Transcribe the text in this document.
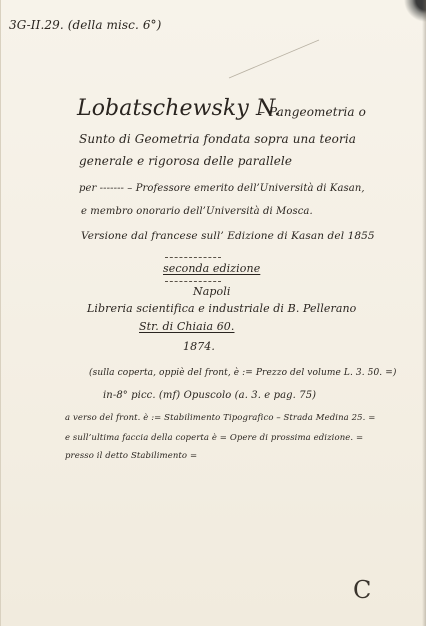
3G-II.29. (della misc. 6°)
Lobatschewsky N.
– Pangeometria o
Sunto di Geometria fondata sopra una teoria
generale e rigorosa delle parallele
per ------- – Professore emerito dell’Università di Kasan,
e membro onorario dell’Università di Mosca.
Versione dal francese sull’ Edizione di Kasan del 1855
seconda edizione
Napoli
Libreria scientifica e industriale di B. Pellerano
Str. di Chiaia 60.
1874.
(sulla coperta, oppiè del front, è := Prezzo del volume L. 3. 50. =)
in-8° picc. (mf) Opuscolo (a. 3. e pag. 75)
a verso del front. è := Stabilimento Tipografico – Strada Medina 25. =
e sull’ultima faccia della coperta è = Opere di prossima edizione. =
presso il detto Stabilimento =
C
